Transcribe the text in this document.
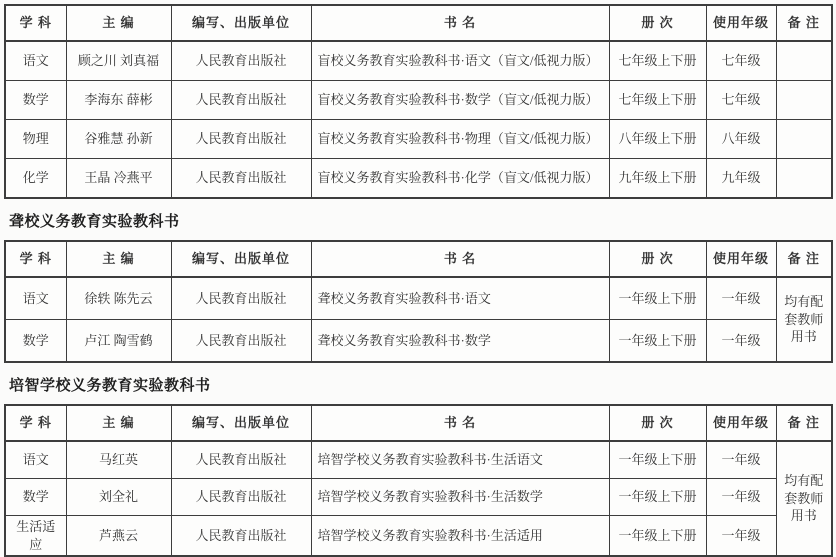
学 科	主 编	编写、出版单位	书 名	册 次	使用年级	备 注
语文	顾之川 刘真福	人民教育出版社	盲校义务教育实验教科书·语文（盲文/低视力版）	七年级上下册	七年级	
数学	李海东 薛彬	人民教育出版社	盲校义务教育实验教科书·数学（盲文/低视力版）	七年级上下册	七年级	
物理	谷雅慧 孙新	人民教育出版社	盲校义务教育实验教科书·物理（盲文/低视力版）	八年级上下册	八年级	
化学	王晶 冷燕平	人民教育出版社	盲校义务教育实验教科书·化学（盲文/低视力版）	九年级上下册	九年级	
聋校义务教育实验教科书
学 科	主 编	编写、出版单位	书 名	册 次	使用年级	备 注
语文	徐轶 陈先云	人民教育出版社	聋校义务教育实验教科书·语文	一年级上下册	一年级	均有配套教师用书
数学	卢江 陶雪鹤	人民教育出版社	聋校义务教育实验教科书·数学	一年级上下册	一年级	
培智学校义务教育实验教科书
学 科	主 编	编写、出版单位	书 名	册 次	使用年级	备 注
语文	马红英	人民教育出版社	培智学校义务教育实验教科书·生活语文	一年级上下册	一年级	均有配套教师用书
数学	刘全礼	人民教育出版社	培智学校义务教育实验教科书·生活数学	一年级上下册	一年级	
生活适应	芦燕云	人民教育出版社	培智学校义务教育实验教科书·生活适用	一年级上下册	一年级	
